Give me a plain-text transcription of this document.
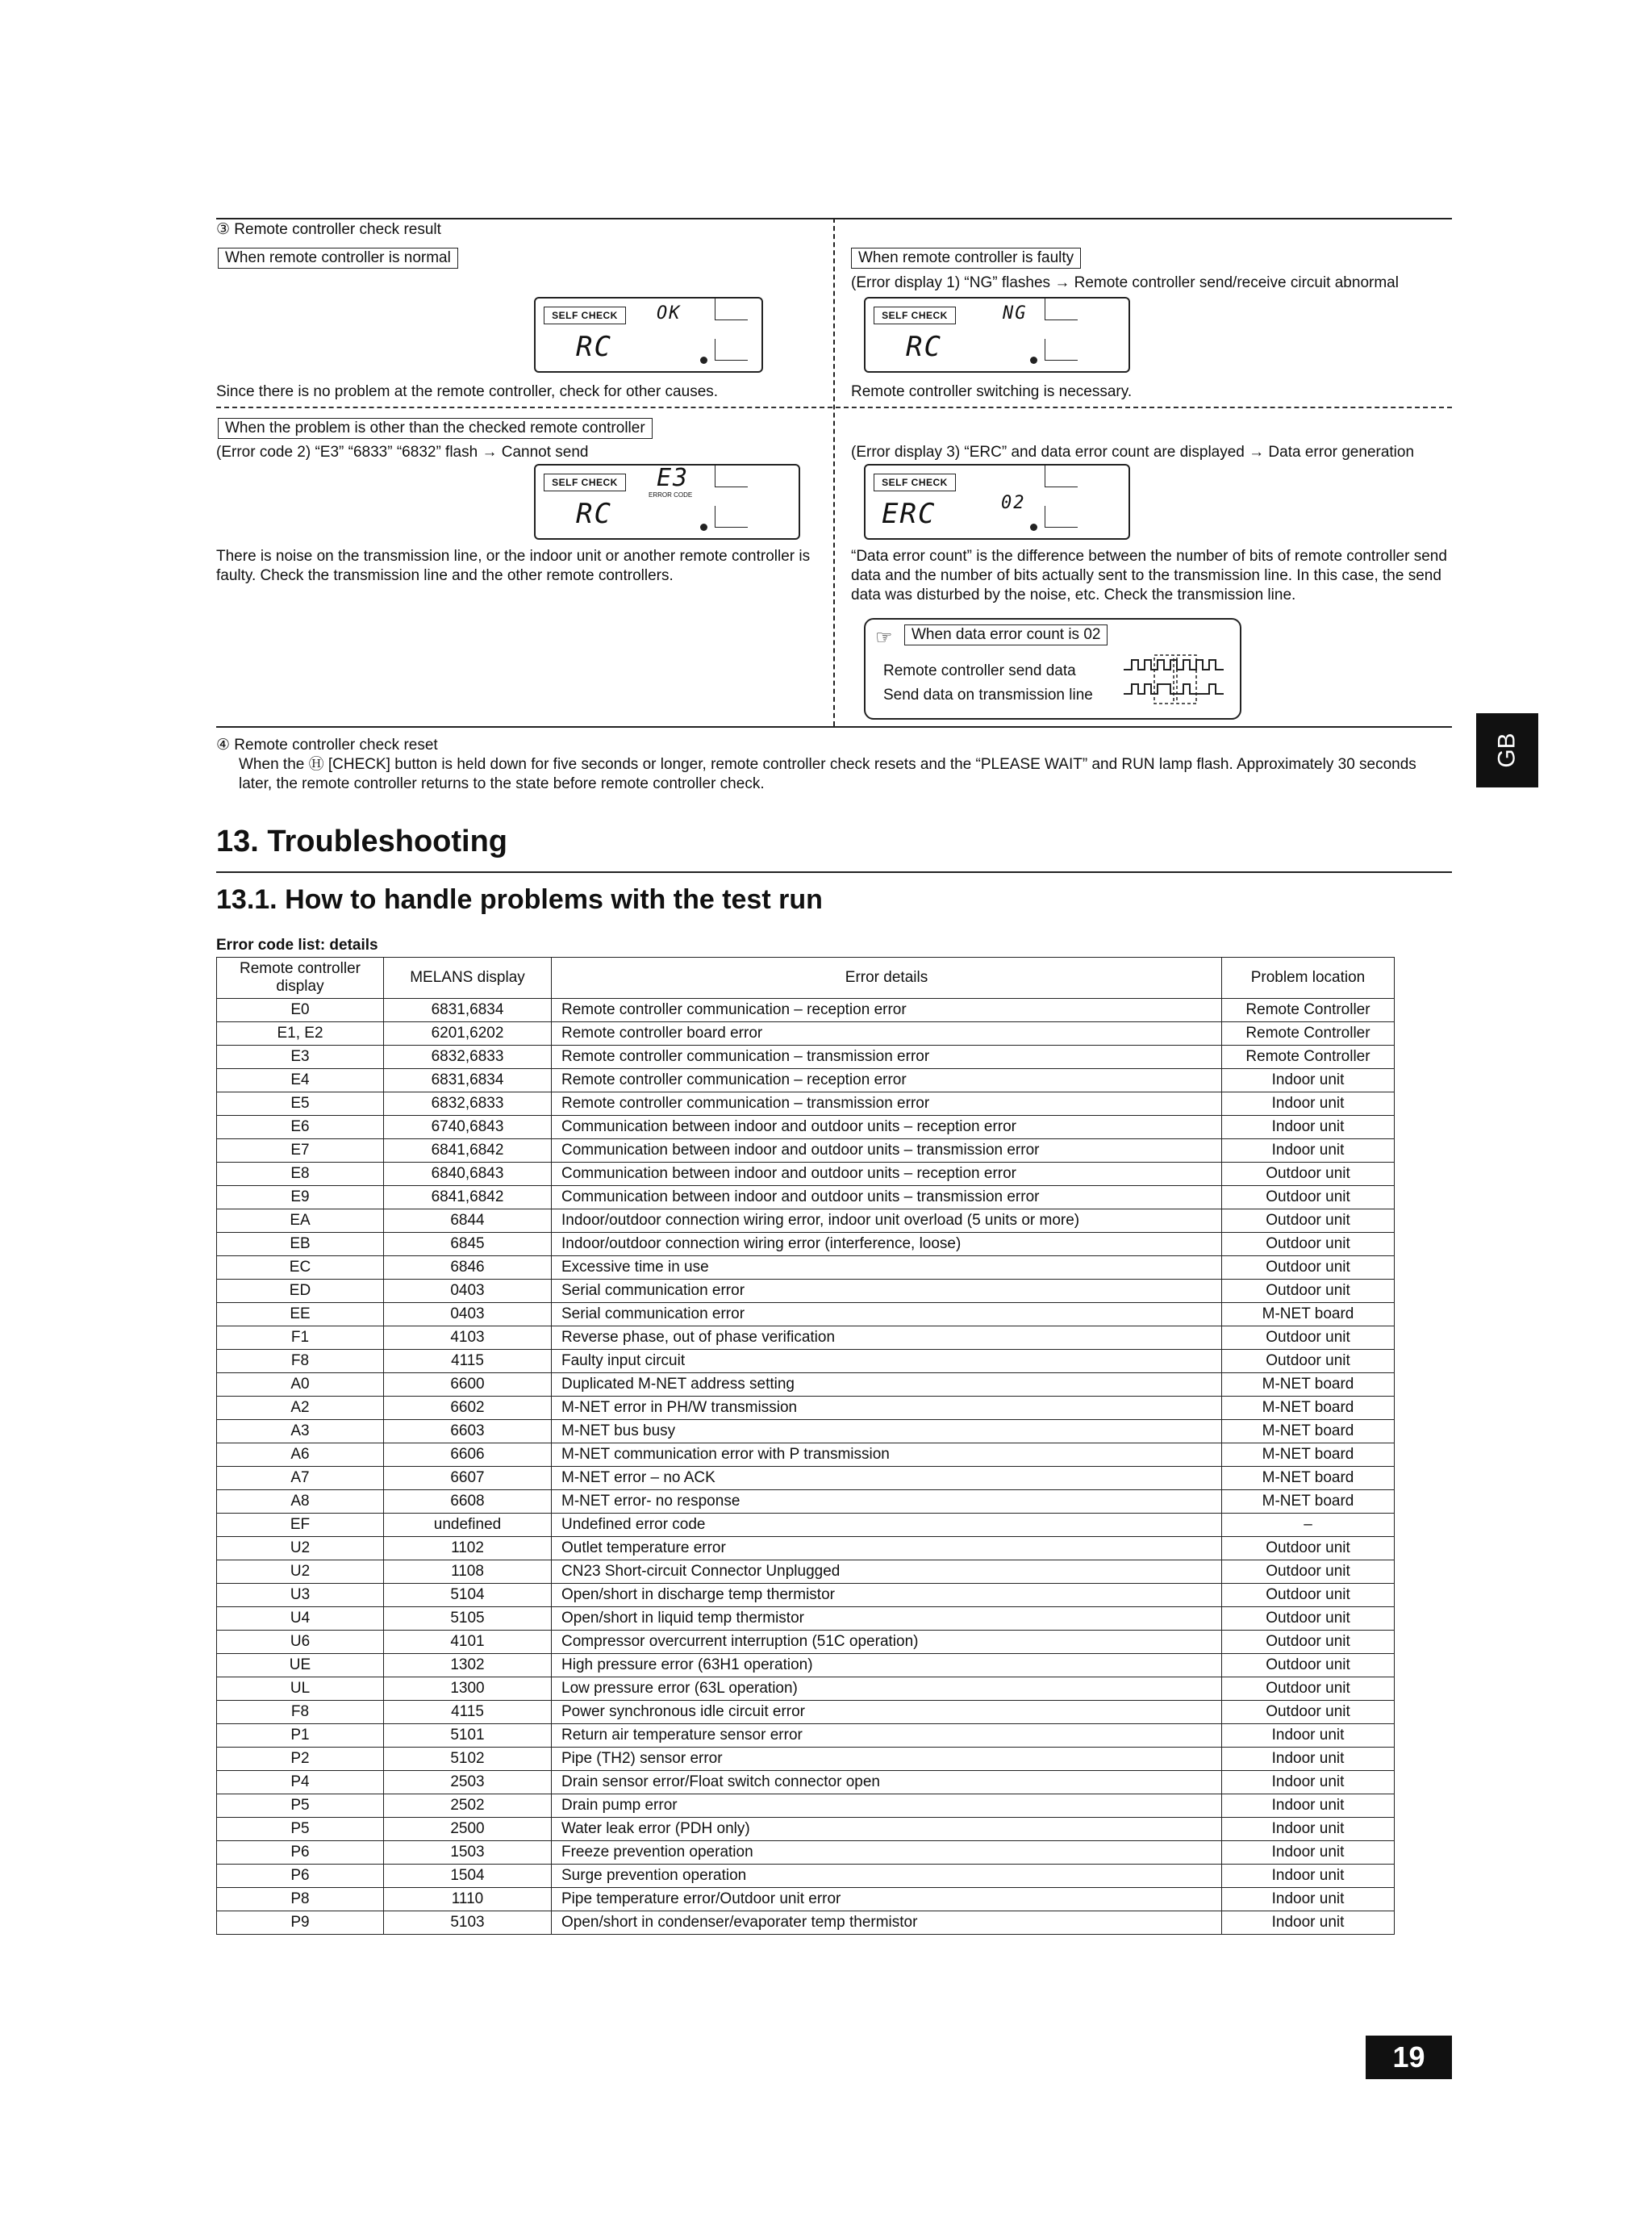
③ Remote controller check result
When remote controller is normal
SELF CHECK
RC
OK
Since there is no problem at the remote controller, check for other causes.
When remote controller is faulty
(Error display 1) “NG” flashes → Remote controller send/receive circuit abnormal
SELF CHECK
RC
NG
Remote controller switching is necessary.
When the problem is other than the checked remote controller
(Error code 2) “E3” “6833” “6832” flash → Cannot send
SELF CHECK
RC
E3
ERROR CODE
There is noise on the transmission line, or the indoor unit or another remote controller is faulty. Check the transmission line and the other remote controllers.
(Error display 3) “ERC” and data error count are displayed → Data error generation
SELF CHECK
ERC	02
“Data error count” is the difference between the number of bits of remote controller send data and the number of bits actually sent to the transmission line. In this case, the send data was disturbed by the noise, etc. Check the transmission line.
☞	When data error count is 02
Remote controller send data
Send data on transmission line
④ Remote controller check reset
When the Ⓗ [CHECK] button is held down for five seconds or longer, remote controller check resets and the “PLEASE WAIT” and RUN lamp flash. Approximately 30 seconds later, the remote controller returns to the state before remote controller check.
GB
13. Troubleshooting
13.1. How to handle problems with the test run
Error code list: details
Remote controller display	MELANS display	Error details	Problem location
E0	6831,6834	Remote controller communication – reception error	Remote Controller
E1, E2	6201,6202	Remote controller board error	Remote Controller
E3	6832,6833	Remote controller communication – transmission error	Remote Controller
E4	6831,6834	Remote controller communication – reception error	Indoor unit
E5	6832,6833	Remote controller communication – transmission error	Indoor unit
E6	6740,6843	Communication between indoor and outdoor units – reception error	Indoor unit
E7	6841,6842	Communication between indoor and outdoor units – transmission error	Indoor unit
E8	6840,6843	Communication between indoor and outdoor units – reception error	Outdoor unit
E9	6841,6842	Communication between indoor and outdoor units – transmission error	Outdoor unit
EA	6844	Indoor/outdoor connection wiring error, indoor unit overload (5 units or more)	Outdoor unit
EB	6845	Indoor/outdoor connection wiring error (interference, loose)	Outdoor unit
EC	6846	Excessive time in use	Outdoor unit
ED	0403	Serial communication error	Outdoor unit
EE	0403	Serial communication error	M-NET board
F1	4103	Reverse phase, out of phase verification	Outdoor unit
F8	4115	Faulty input circuit	Outdoor unit
A0	6600	Duplicated M-NET address setting	M-NET board
A2	6602	M-NET error in PH/W transmission	M-NET board
A3	6603	M-NET bus busy	M-NET board
A6	6606	M-NET communication error with P transmission	M-NET board
A7	6607	M-NET error – no ACK	M-NET board
A8	6608	M-NET error- no response	M-NET board
EF	undefined	Undefined error code	–
U2	1102	Outlet temperature error	Outdoor unit
U2	1108	CN23 Short-circuit Connector Unplugged	Outdoor unit
U3	5104	Open/short in discharge temp thermistor	Outdoor unit
U4	5105	Open/short in liquid temp thermistor	Outdoor unit
U6	4101	Compressor overcurrent interruption (51C operation)	Outdoor unit
UE	1302	High pressure error (63H1 operation)	Outdoor unit
UL	1300	Low pressure error (63L operation)	Outdoor unit
F8	4115	Power synchronous idle circuit error	Outdoor unit
P1	5101	Return air temperature sensor error	Indoor unit
P2	5102	Pipe (TH2) sensor error	Indoor unit
P4	2503	Drain sensor error/Float switch connector open	Indoor unit
P5	2502	Drain pump error	Indoor unit
P5	2500	Water leak error (PDH only)	Indoor unit
P6	1503	Freeze prevention operation	Indoor unit
P6	1504	Surge prevention operation	Indoor unit
P8	1110	Pipe temperature error/Outdoor unit error	Indoor unit
P9	5103	Open/short in condenser/evaporater temp thermistor	Indoor unit
19
